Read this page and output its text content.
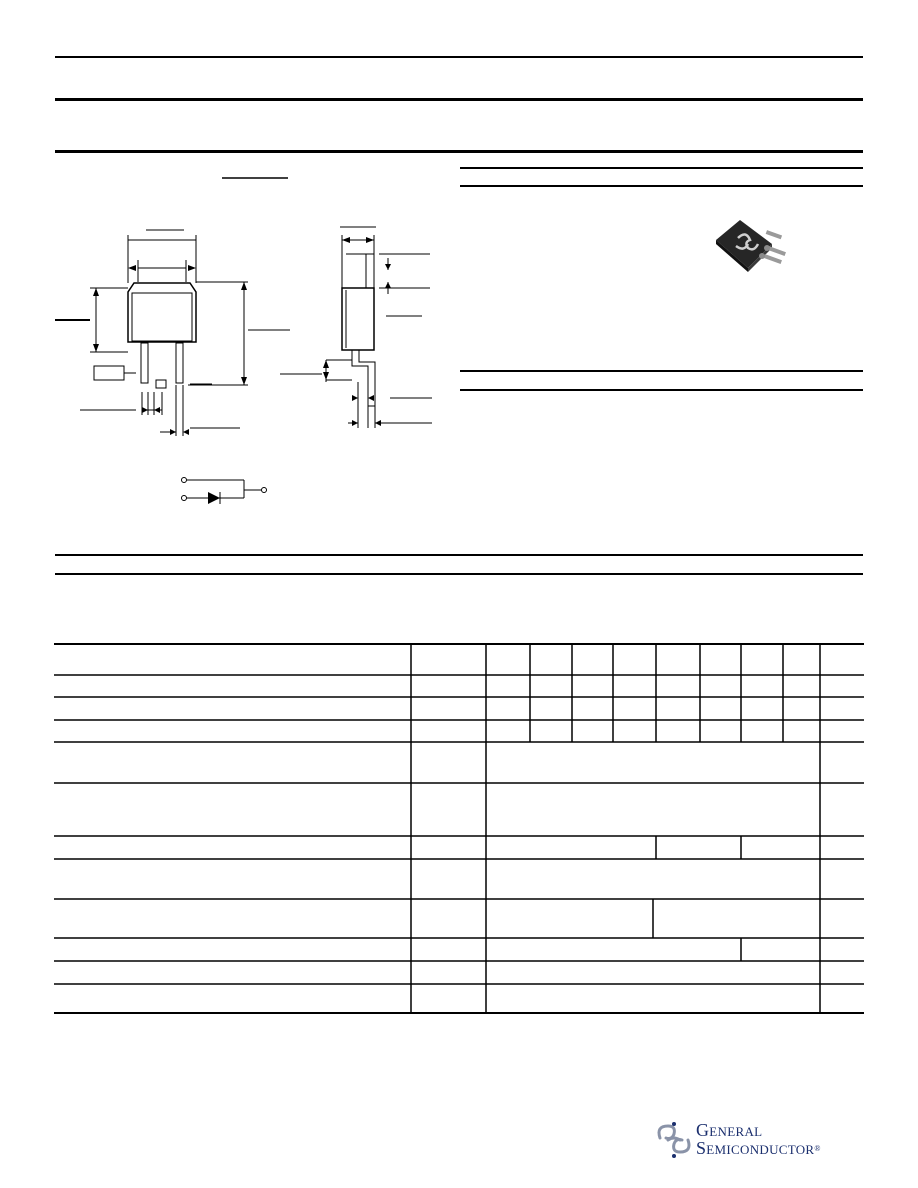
General
Semiconductor®
